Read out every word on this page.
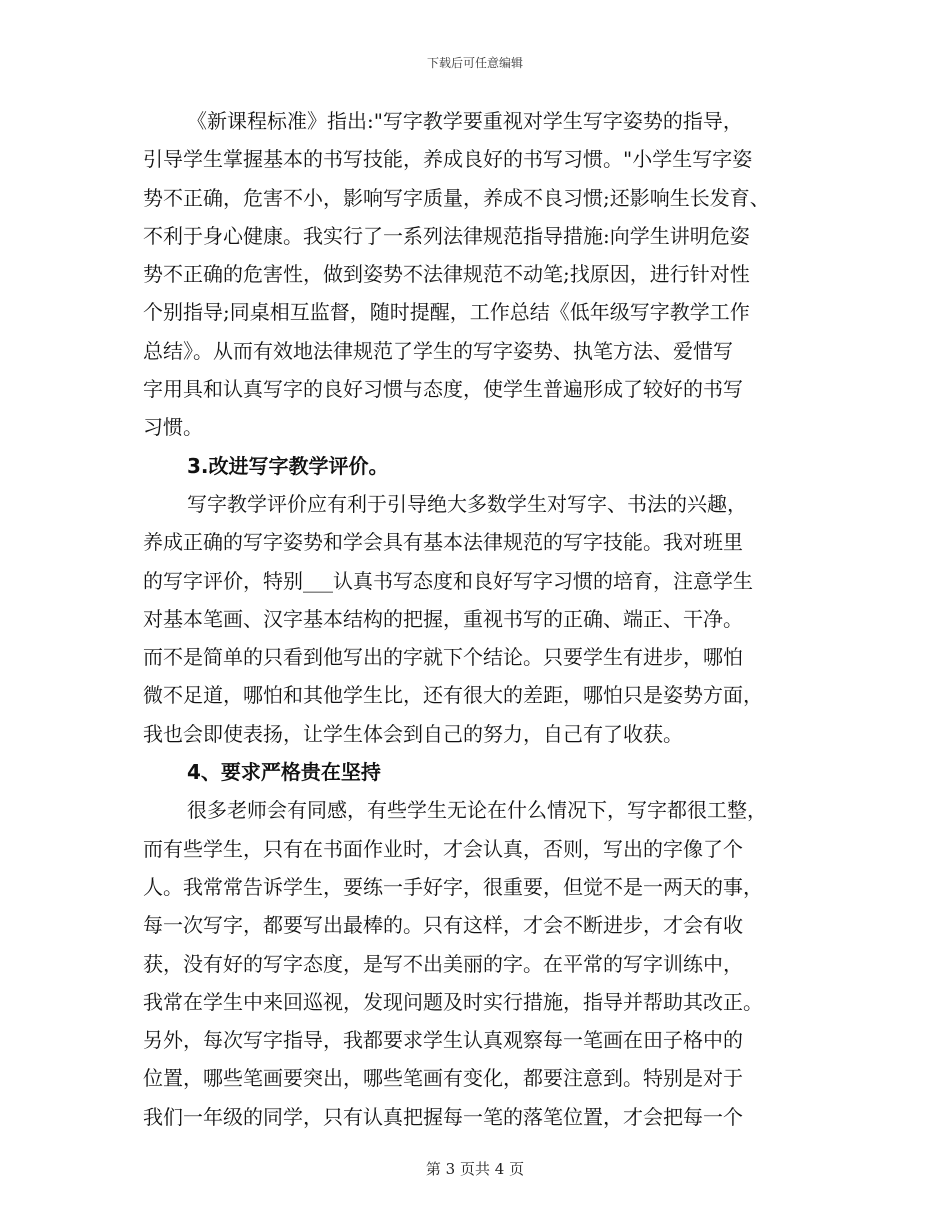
下载后可任意编辑
《新课程标准》指出:"写字教学要重视对学生写字姿势的指导，
引导学生掌握基本的书写技能，养成良好的书写习惯。"小学生写字姿
势不正确，危害不小，影响写字质量，养成不良习惯;还影响生长发育、
不利于身心健康。我实行了一系列法律规范指导措施:向学生讲明危姿
势不正确的危害性，做到姿势不法律规范不动笔;找原因，进行针对性
个别指导;同桌相互监督，随时提醒，工作总结《低年级写字教学工作
总结》。从而有效地法律规范了学生的写字姿势、执笔方法、爱惜写
字用具和认真写字的良好习惯与态度，使学生普遍形成了较好的书写
习惯。
3.改进写字教学评价。
写字教学评价应有利于引导绝大多数学生对写字、书法的兴趣，
养成正确的写字姿势和学会具有基本法律规范的写字技能。我对班里
的写字评价，特别___认真书写态度和良好写字习惯的培育，注意学生
对基本笔画、汉字基本结构的把握，重视书写的正确、端正、干净。
而不是简单的只看到他写出的字就下个结论。只要学生有进步，哪怕
微不足道，哪怕和其他学生比，还有很大的差距，哪怕只是姿势方面，
我也会即使表扬，让学生体会到自己的努力，自己有了收获。
4、要求严格贵在坚持
很多老师会有同感，有些学生无论在什么情况下，写字都很工整，
而有些学生，只有在书面作业时，才会认真，否则，写出的字像了个
人。我常常告诉学生，要练一手好字，很重要，但觉不是一两天的事，
每一次写字，都要写出最棒的。只有这样，才会不断进步，才会有收
获，没有好的写字态度，是写不出美丽的字。在平常的写字训练中，
我常在学生中来回巡视，发现问题及时实行措施，指导并帮助其改正。
另外，每次写字指导，我都要求学生认真观察每一笔画在田子格中的
位置，哪些笔画要突出，哪些笔画有变化，都要注意到。特别是对于
我们一年级的同学，只有认真把握每一笔的落笔位置，才会把每一个
第 3 页共 4 页
